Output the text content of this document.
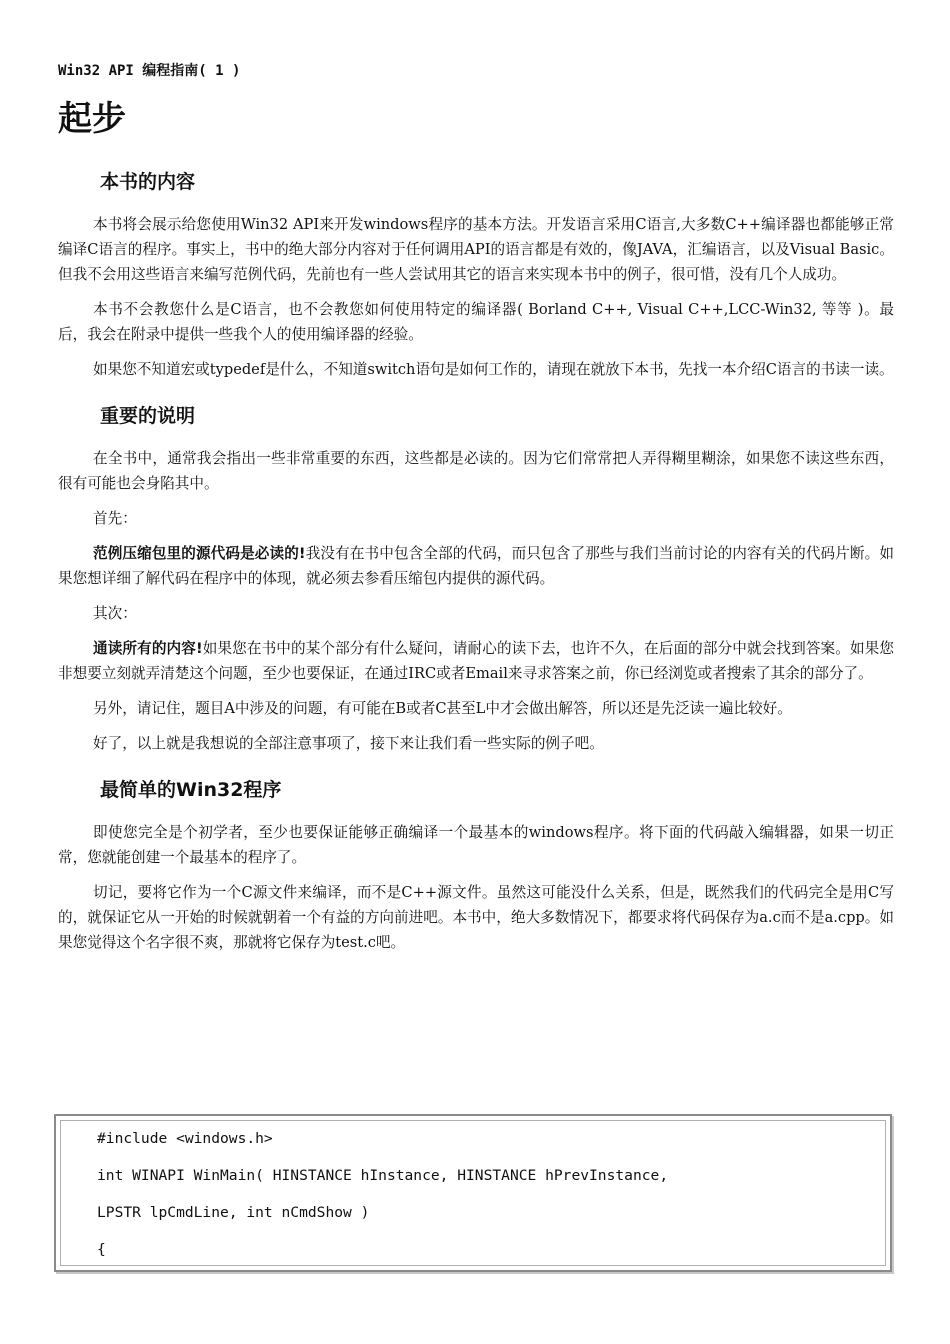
Win32 API 编程指南( 1 )
起步
本书的内容

本书将会展示给您使用Win32 API来开发windows程序的基本方法。开发语言采用C语言,大多数C++编译器也都能够正常编译C语言的程序。事实上，书中的绝大部分内容对于任何调用API的语言都是有效的，像JAVA，汇编语言，以及Visual Basic。但我不会用这些语言来编写范例代码，先前也有一些人尝试用其它的语言来实现本书中的例子，很可惜，没有几个人成功。

本书不会教您什么是C语言，也不会教您如何使用特定的编译器( Borland C++, Visual C++,LCC-Win32, 等等 )。最后，我会在附录中提供一些我个人的使用编译器的经验。

如果您不知道宏或typedef是什么，不知道switch语句是如何工作的，请现在就放下本书，先找一本介绍C语言的书读一读。

重要的说明

在全书中，通常我会指出一些非常重要的东西，这些都是必读的。因为它们常常把人弄得糊里糊涂，如果您不读这些东西，很有可能也会身陷其中。

首先：

范例压缩包里的源代码是必读的!我没有在书中包含全部的代码，而只包含了那些与我们当前讨论的内容有关的代码片断。如果您想详细了解代码在程序中的体现，就必须去参看压缩包内提供的源代码。

其次：

通读所有的内容!如果您在书中的某个部分有什么疑问，请耐心的读下去，也许不久，在后面的部分中就会找到答案。如果您非想要立刻就弄清楚这个问题，至少也要保证，在通过IRC或者Email来寻求答案之前，你已经浏览或者搜索了其余的部分了。

另外，请记住，题目A中涉及的问题，有可能在B或者C甚至L中才会做出解答，所以还是先泛读一遍比较好。

好了，以上就是我想说的全部注意事项了，接下来让我们看一些实际的例子吧。

最简单的Win32程序

即使您完全是个初学者，至少也要保证能够正确编译一个最基本的windows程序。将下面的代码敲入编辑器，如果一切正常，您就能创建一个最基本的程序了。

切记，要将它作为一个C源文件来编译，而不是C++源文件。虽然这可能没什么关系，但是，既然我们的代码完全是用C写的，就保证它从一开始的时候就朝着一个有益的方向前进吧。本书中，绝大多数情况下，都要求将代码保存为a.c而不是a.cpp。如果您觉得这个名字很不爽，那就将它保存为test.c吧。

#include <windows.h>
int WINAPI WinMain( HINSTANCE hInstance, HINSTANCE hPrevInstance,
LPSTR lpCmdLine, int nCmdShow )
{
